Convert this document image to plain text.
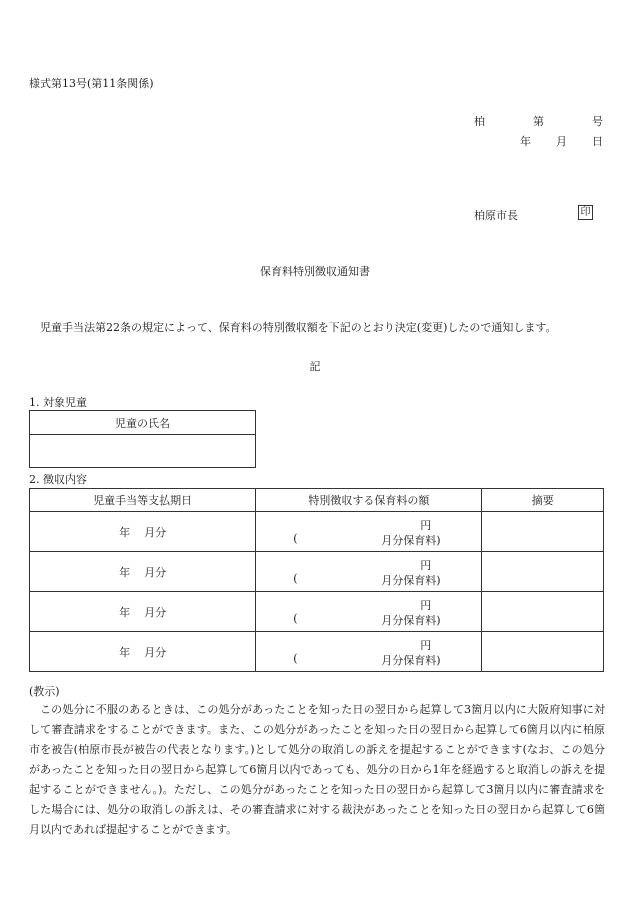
様式第13号(第11条関係)
柏	第	号
年 月 日
柏原市長	印
保育料特別徴収通知書
児童手当法第22条の規定によって、保育料の特別徴収額を下記のとおり決定(変更)したので通知します。
記
1. 対象児童
児童の氏名

2. 徴収内容
児童手当等支払期日	特別徴収する保育料の額	摘要
年 月分	円
( 月分保育料)	

年 月分	円
( 月分保育料)	

年 月分	円
( 月分保育料)	

年 月分	円
( 月分保育料)	

(教示)
この処分に不服のあるときは、この処分があったことを知った日の翌日から起算して3箇月以内に大阪府知事に対して審査請求をすることができます。また、この処分があったことを知った日の翌日から起算して6箇月以内に柏原市を被告(柏原市長が被告の代表となります。)として処分の取消しの訴えを提起することができます(なお、この処分があったことを知った日の翌日から起算して6箇月以内であっても、処分の日から1年を経過すると取消しの訴えを提起することができません。)。ただし、この処分があったことを知った日の翌日から起算して3箇月以内に審査請求をした場合には、処分の取消しの訴えは、その審査請求に対する裁決があったことを知った日の翌日から起算して6箇月以内であれば提起することができます。
